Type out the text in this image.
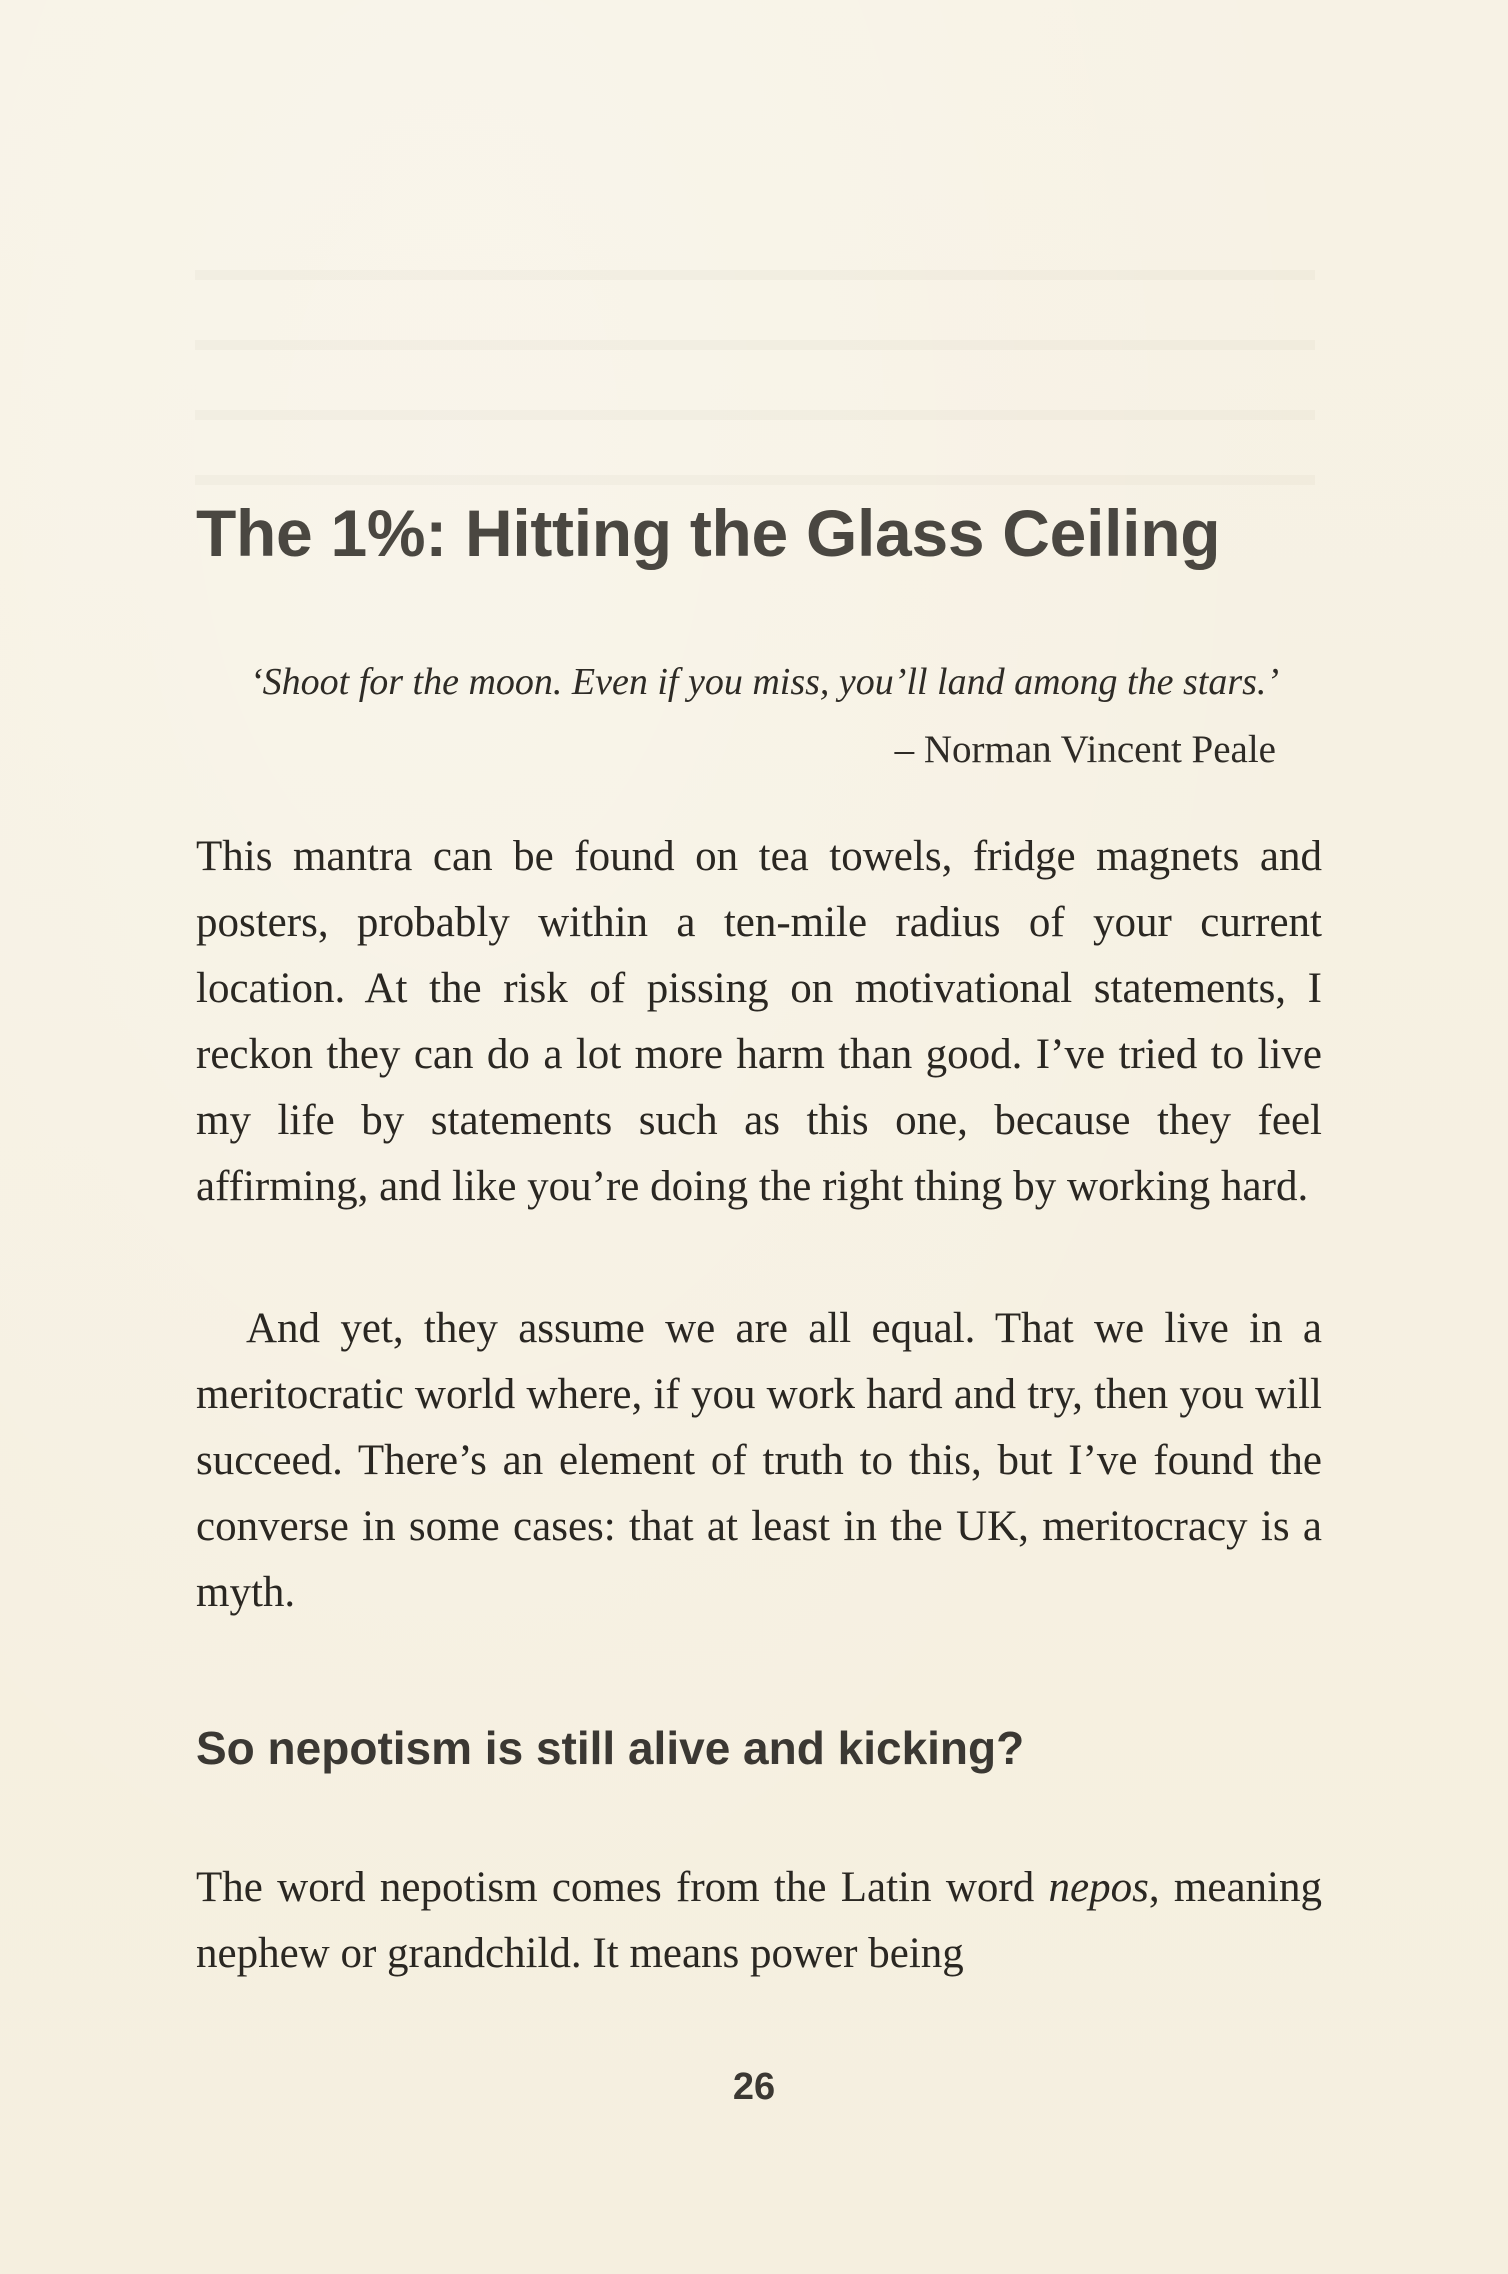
The 1%: Hitting the Glass Ceiling

‘Shoot for the moon. Even if you miss, you’ll land among the stars.’

– Norman Vincent Peale

This mantra can be found on tea towels, fridge magnets and posters, probably within a ten-mile radius of your current location. At the risk of pissing on motivational statements, I reckon they can do a lot more harm than good. I’ve tried to live my life by statements such as this one, because they feel affirming, and like you’re doing the right thing by working hard.

And yet, they assume we are all equal. That we live in a meritocratic world where, if you work hard and try, then you will succeed. There’s an element of truth to this, but I’ve found the converse in some cases: that at least in the UK, meritocracy is a myth.

So nepotism is still alive and kicking?

The word nepotism comes from the Latin word nepos, meaning nephew or grandchild. It means power being

26
